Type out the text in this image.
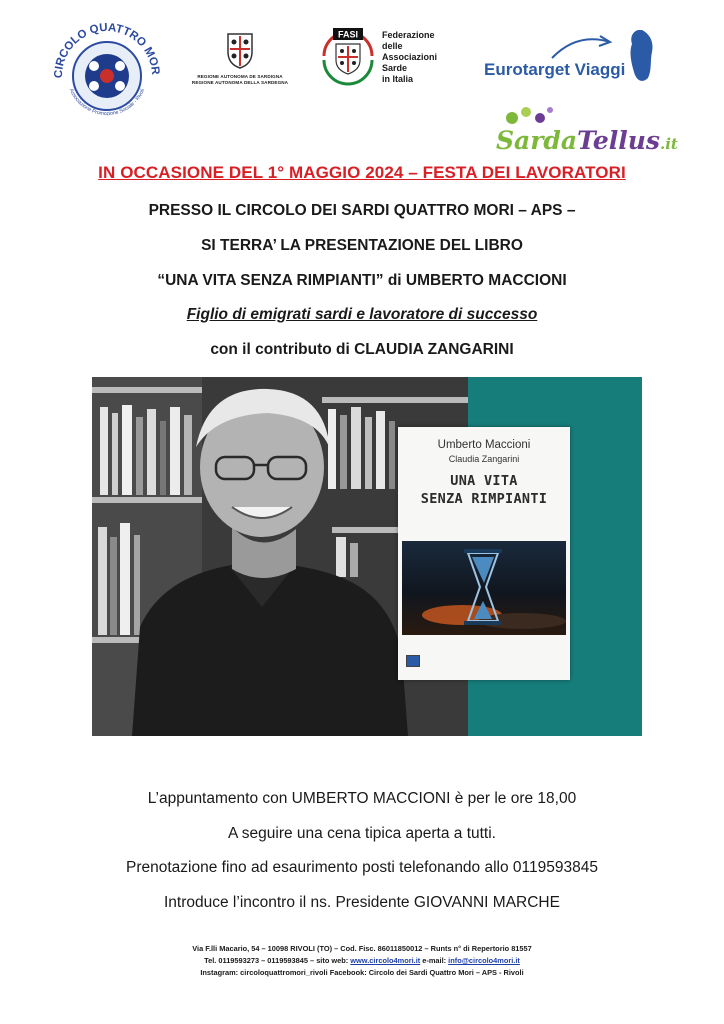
CIRCOLO QUATTRO MOR
Associazione Promozione Sociale - Rivoli
REGIONE AUTONOMA DE SARDIGNA
REGIONE AUTONOMA DELLA SARDEGNA
FASI	Federazione
delle
Associazioni
Sarde
in Italia	Eurotarget Viaggi
SardaTellus.it
IN OCCASIONE DEL 1° MAGGIO 2024 – FESTA DEI LAVORATORI
PRESSO IL CIRCOLO DEI SARDI QUATTRO MORI – APS –
SI TERRA’ LA PRESENTAZIONE DEL LIBRO
“UNA VITA SENZA RIMPIANTI” di UMBERTO MACCIONI
Figlio di emigrati sardi e lavoratore di successo
con il contributo di CLAUDIA ZANGARINI
Umberto Maccioni
Claudia Zangarini
UNA VITA
SENZA RIMPIANTI
L’appuntamento con UMBERTO MACCIONI è per le ore 18,00
A seguire una cena tipica aperta a tutti.
Prenotazione fino ad esaurimento posti telefonando allo 0119593845
Introduce l’incontro il ns. Presidente GIOVANNI MARCHE
Via F.lli Macario, 54 – 10098 RIVOLI (TO) – Cod. Fisc. 86011850012 – Runts n° di Repertorio 81557
Tel. 0119593273 – 0119593845 – sito web: www.circolo4mori.it e-mail: info@circolo4mori.it
Instagram: circoloquattromori_rivoli Facebook: Circolo dei Sardi Quattro Mori – APS - Rivoli
